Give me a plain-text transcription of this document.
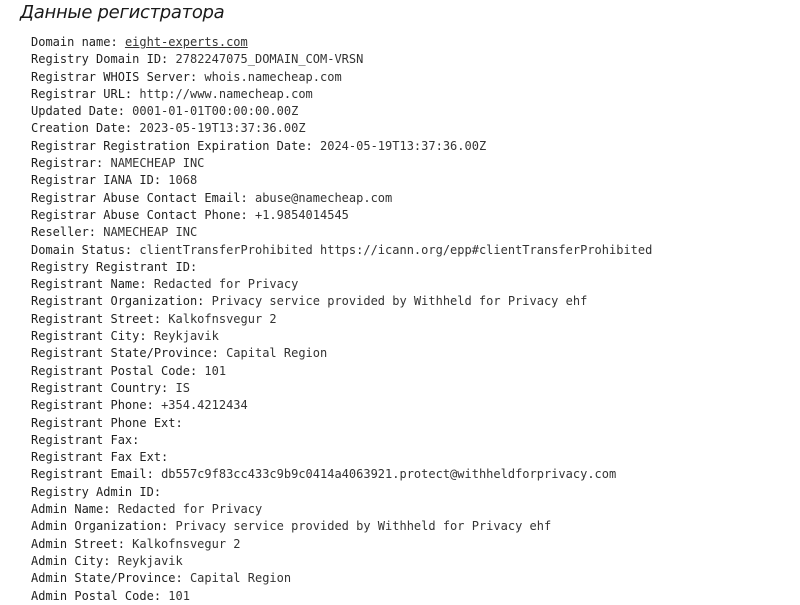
Данные регистратора
Domain name: eight-experts.com
Registry Domain ID: 2782247075_DOMAIN_COM-VRSN
Registrar WHOIS Server: whois.namecheap.com
Registrar URL: http://www.namecheap.com
Updated Date: 0001-01-01T00:00:00.00Z
Creation Date: 2023-05-19T13:37:36.00Z
Registrar Registration Expiration Date: 2024-05-19T13:37:36.00Z
Registrar: NAMECHEAP INC
Registrar IANA ID: 1068
Registrar Abuse Contact Email: abuse@namecheap.com
Registrar Abuse Contact Phone: +1.9854014545
Reseller: NAMECHEAP INC
Domain Status: clientTransferProhibited https://icann.org/epp#clientTransferProhibited
Registry Registrant ID:
Registrant Name: Redacted for Privacy
Registrant Organization: Privacy service provided by Withheld for Privacy ehf
Registrant Street: Kalkofnsvegur 2
Registrant City: Reykjavik
Registrant State/Province: Capital Region
Registrant Postal Code: 101
Registrant Country: IS
Registrant Phone: +354.4212434
Registrant Phone Ext:
Registrant Fax:
Registrant Fax Ext:
Registrant Email: db557c9f83cc433c9b9c0414a4063921.protect@withheldforprivacy.com
Registry Admin ID:
Admin Name: Redacted for Privacy
Admin Organization: Privacy service provided by Withheld for Privacy ehf
Admin Street: Kalkofnsvegur 2
Admin City: Reykjavik
Admin State/Province: Capital Region
Admin Postal Code: 101
